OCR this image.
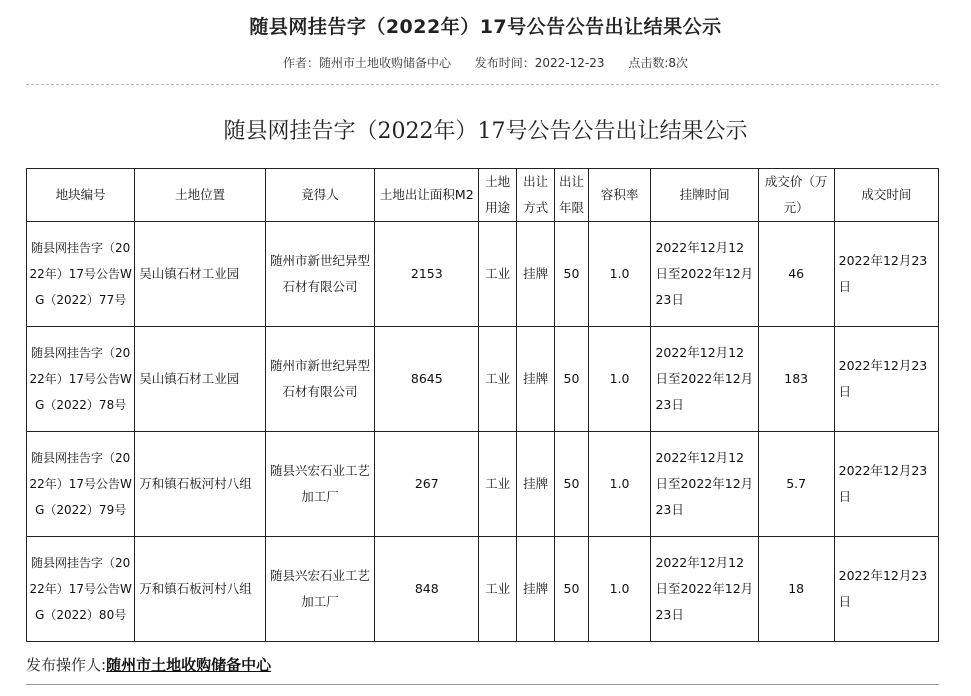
随县网挂告字（2022年）17号公告公告出让结果公示
作者：随州市土地收购储备中心 发布时间：2022-12-23 点击数:8次
随县网挂告字（2022年）17号公告公告出让结果公示
地块编号	土地位置	竟得人	土地出让面积M2	土地用途	出让方式	出让年限	容积率	挂牌时间	成交价（万元）	成交时间
随县网挂告字（2022年）17号公告WG（2022）77号	吴山镇石材工业园	随州市新世纪异型石材有限公司	2153	工业	挂牌	50	1.0	2022年12月12日至2022年12月23日	46	2022年12月23日
随县网挂告字（2022年）17号公告WG（2022）78号	吴山镇石材工业园	随州市新世纪异型石材有限公司	8645	工业	挂牌	50	1.0	2022年12月12日至2022年12月23日	183	2022年12月23日
随县网挂告字（2022年）17号公告WG（2022）79号	万和镇石板河村八组	随县兴宏石业工艺加工厂	267	工业	挂牌	50	1.0	2022年12月12日至2022年12月23日	5.7	2022年12月23日
随县网挂告字（2022年）17号公告WG（2022）80号	万和镇石板河村八组	随县兴宏石业工艺加工厂	848	工业	挂牌	50	1.0	2022年12月12日至2022年12月23日	18	2022年12月23日
发布操作人:随州市土地收购储备中心
